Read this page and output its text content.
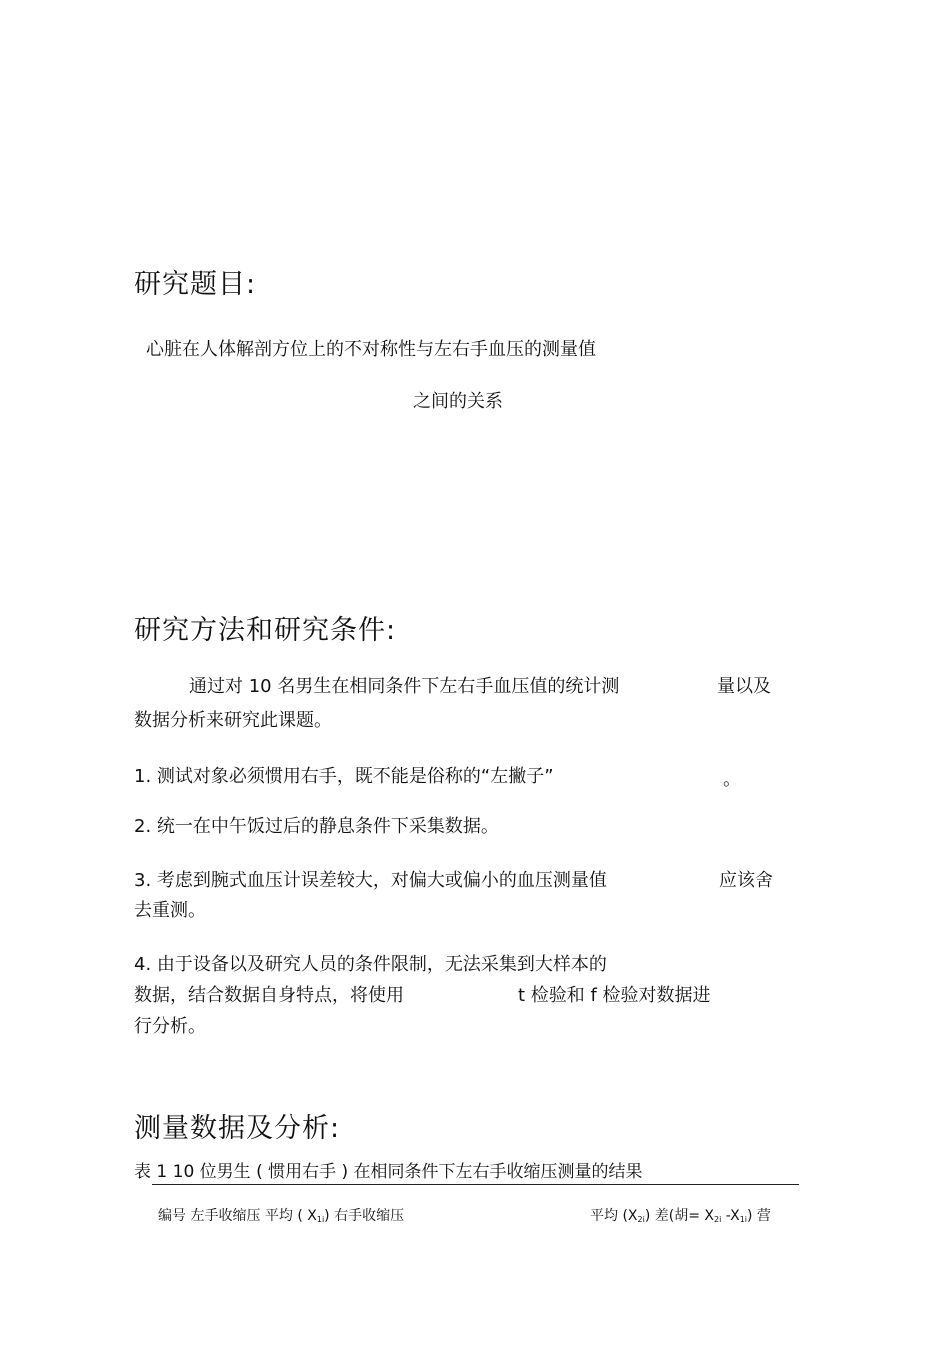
研究题目:
心脏在人体解剖方位上的不对称性与左右手血压的测量值
之间的关系
研究方法和研究条件:
通过对 10 名男生在相同条件下左右手血压值的统计测	量以及
数据分析来研究此课题。
1. 测试对象必须惯用右手，既不能是俗称的“左撇子”	。
2. 统一在中午饭过后的静息条件下采集数据。
3. 考虑到腕式血压计误差较大，对偏大或偏小的血压测量值	应该舍
去重测。
4. 由于设备以及研究人员的条件限制，无法采集到大样本的
数据，结合数据自身特点，将使用	t 检验和 f 检验对数据进
行分析。
测量数据及分析:
表 1 10 位男生 ( 惯用右手 ) 在相同条件下左右手收缩压测量的结果
编号 左手收缩压 平均 ( $X_{1i}$) 右手收缩压	平均 $(X_{2i})$ 差(胡= $X_{2i}$ $-X_{1i}$) 营
